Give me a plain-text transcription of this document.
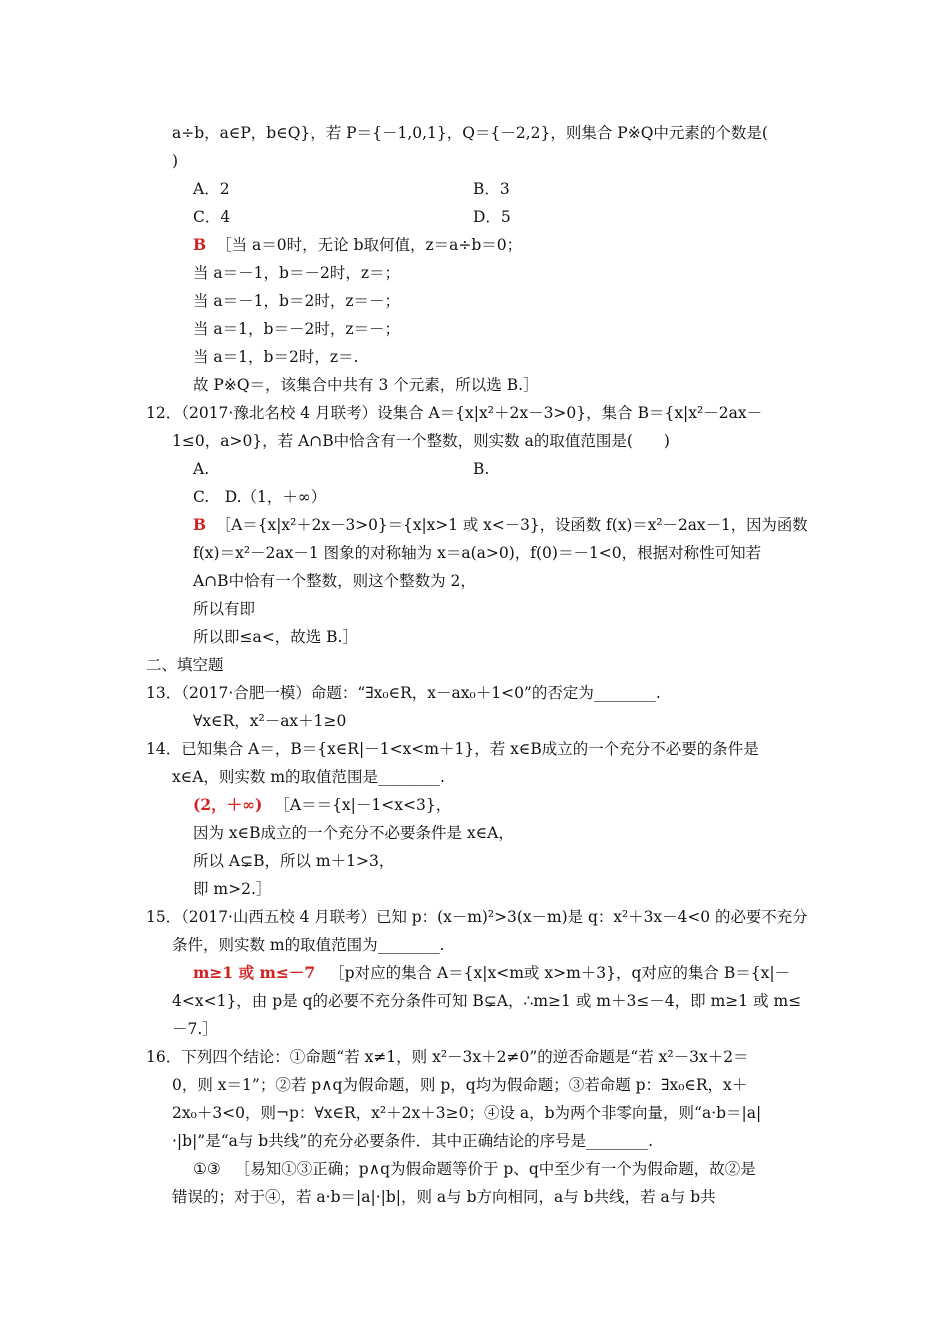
a÷b，a∈P，b∈Q}，若 P＝{－1,0,1}，Q＝{－2,2}，则集合 P※Q中元素的个数是(
)
A．2	B．3
C．4	D．5
B ［当 a＝0时，无论 b取何值，z＝a÷b＝0；
当 a＝－1，b＝－2时，z＝；
当 a＝－1，b＝2时，z＝－；
当 a＝1，b＝－2时，z＝－；
当 a＝1，b＝2时，z＝.
故 P※Q＝，该集合中共有 3 个元素，所以选 B.］
12．（2017·豫北名校 4 月联考）设集合 A＝{x|x²＋2x－3>0}，集合 B＝{x|x²－2ax－
1≤0，a>0}，若 A∩B中恰含有一个整数，则实数 a的取值范围是(　　)
A.	B.
C.　D.（1，＋∞）
B ［A＝{x|x²＋2x－3>0}＝{x|x>1 或 x<－3}，设函数 f(x)＝x²－2ax－1，因为函数
f(x)＝x²－2ax－1 图象的对称轴为 x＝a(a>0)，f(0)＝－1<0，根据对称性可知若
A∩B中恰有一个整数，则这个整数为 2，
所以有即
所以即≤a<，故选 B.］
二、填空题
13．（2017·合肥一模）命题：“∃x₀∈R，x－ax₀＋1<0”的否定为________.
∀x∈R，x²－ax＋1≥0
14．已知集合 A＝，B＝{x∈R|－1<x<m＋1}，若 x∈B成立的一个充分不必要的条件是
x∈A，则实数 m的取值范围是________.
(2，＋∞) ［A＝＝{x|－1<x<3}，
因为 x∈B成立的一个充分不必要条件是 x∈A，
所以 A⊊B，所以 m＋1>3，
即 m>2.］
15．（2017·山西五校 4 月联考）已知 p：(x－m)²>3(x－m)是 q：x²＋3x－4<0 的必要不充分
条件，则实数 m的取值范围为________.
m≥1 或 m≤－7 ［p对应的集合 A＝{x|x<m或 x>m＋3}，q对应的集合 B＝{x|－
4<x<1}，由 p是 q的必要不充分条件可知 B⊊A，∴m≥1 或 m＋3≤－4，即 m≥1 或 m≤
－7.］
16．下列四个结论：①命题“若 x≠1，则 x²－3x＋2≠0”的逆否命题是“若 x²－3x＋2＝
0，则 x＝1”；②若 p∧q为假命题，则 p，q均为假命题；③若命题 p：∃x₀∈R，x＋
2x₀＋3<0，则¬p：∀x∈R，x²＋2x＋3≥0；④设 a，b为两个非零向量，则“a·b＝|a|
·|b|”是“a与 b共线”的充分必要条件．其中正确结论的序号是________.
①③ ［易知①③正确；p∧q为假命题等价于 p、q中至少有一个为假命题，故②是
错误的；对于④，若 a·b＝|a|·|b|，则 a与 b方向相同，a与 b共线，若 a与 b共
